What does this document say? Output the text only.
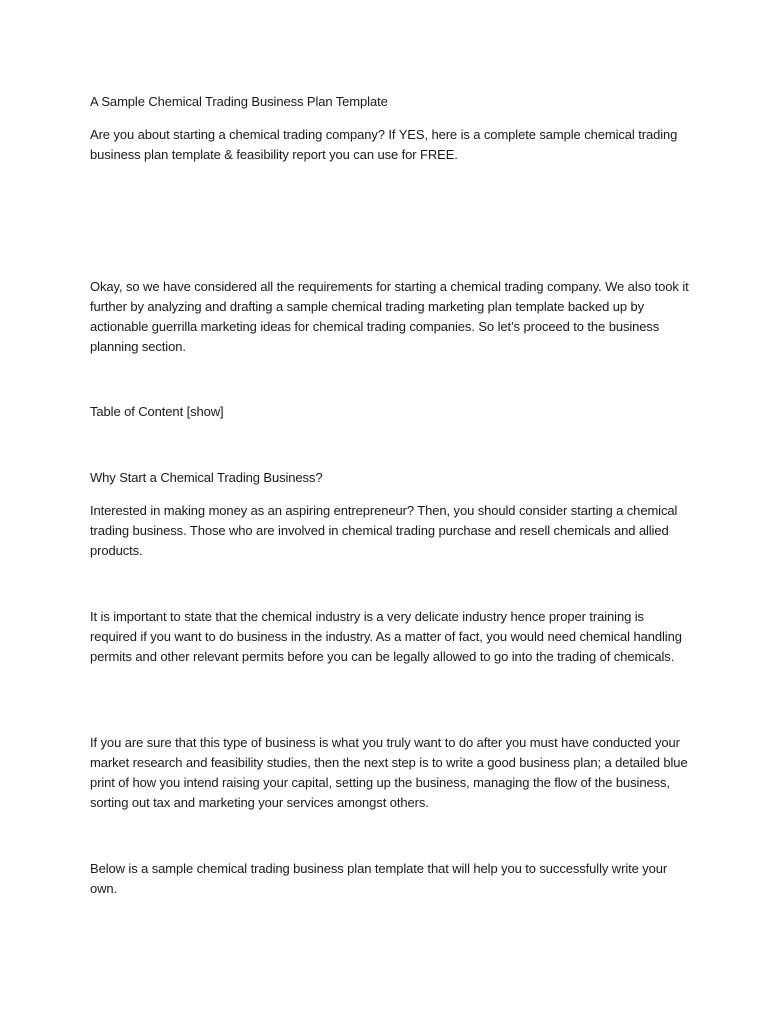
A Sample Chemical Trading Business Plan Template

Are you about starting a chemical trading company? If YES, here is a complete sample chemical trading business plan template & feasibility report you can use for FREE.

Okay, so we have considered all the requirements for starting a chemical trading company. We also took it further by analyzing and drafting a sample chemical trading marketing plan template backed up by actionable guerrilla marketing ideas for chemical trading companies. So let’s proceed to the business planning section.

Table of Content [show]

Why Start a Chemical Trading Business?

Interested in making money as an aspiring entrepreneur? Then, you should consider starting a chemical trading business. Those who are involved in chemical trading purchase and resell chemicals and allied products.

It is important to state that the chemical industry is a very delicate industry hence proper training is required if you want to do business in the industry. As a matter of fact, you would need chemical handling permits and other relevant permits before you can be legally allowed to go into the trading of chemicals.

If you are sure that this type of business is what you truly want to do after you must have conducted your market research and feasibility studies, then the next step is to write a good business plan; a detailed blue print of how you intend raising your capital, setting up the business, managing the flow of the business, sorting out tax and marketing your services amongst others.

Below is a sample chemical trading business plan template that will help you to successfully write your own.
